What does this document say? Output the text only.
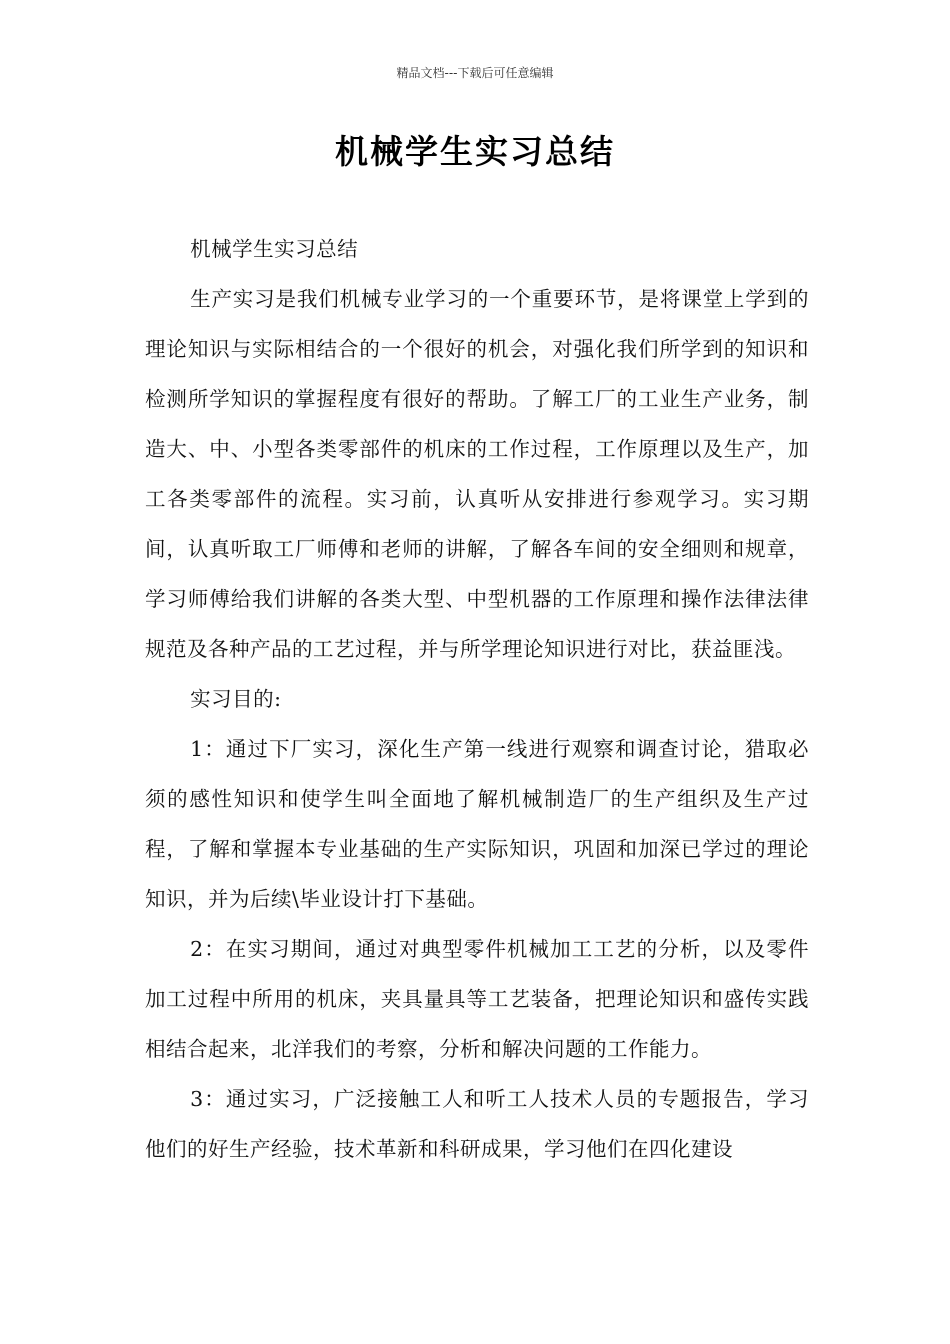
精品文档---下载后可任意编辑
机械学生实习总结

机械学生实习总结

生产实习是我们机械专业学习的一个重要环节，是将课堂上学到的理论知识与实际相结合的一个很好的机会，对强化我们所学到的知识和检测所学知识的掌握程度有很好的帮助。了解工厂的工业生产业务，制造大、中、小型各类零部件的机床的工作过程，工作原理以及生产，加工各类零部件的流程。实习前，认真听从安排进行参观学习。实习期间，认真听取工厂师傅和老师的讲解，了解各车间的安全细则和规章，学习师傅给我们讲解的各类大型、中型机器的工作原理和操作法律法律规范及各种产品的工艺过程，并与所学理论知识进行对比，获益匪浅。

实习目的:

1：通过下厂实习，深化生产第一线进行观察和调查讨论，猎取必须的感性知识和使学生叫全面地了解机械制造厂的生产组织及生产过程，了解和掌握本专业基础的生产实际知识，巩固和加深已学过的理论知识，并为后续\毕业设计打下基础。

2：在实习期间，通过对典型零件机械加工工艺的分析，以及零件加工过程中所用的机床，夹具量具等工艺装备，把理论知识和盛传实践相结合起来，北洋我们的考察，分析和解决问题的工作能力。

3：通过实习，广泛接触工人和听工人技术人员的专题报告，学习他们的好生产经验，技术革新和科研成果，学习他们在四化建设
